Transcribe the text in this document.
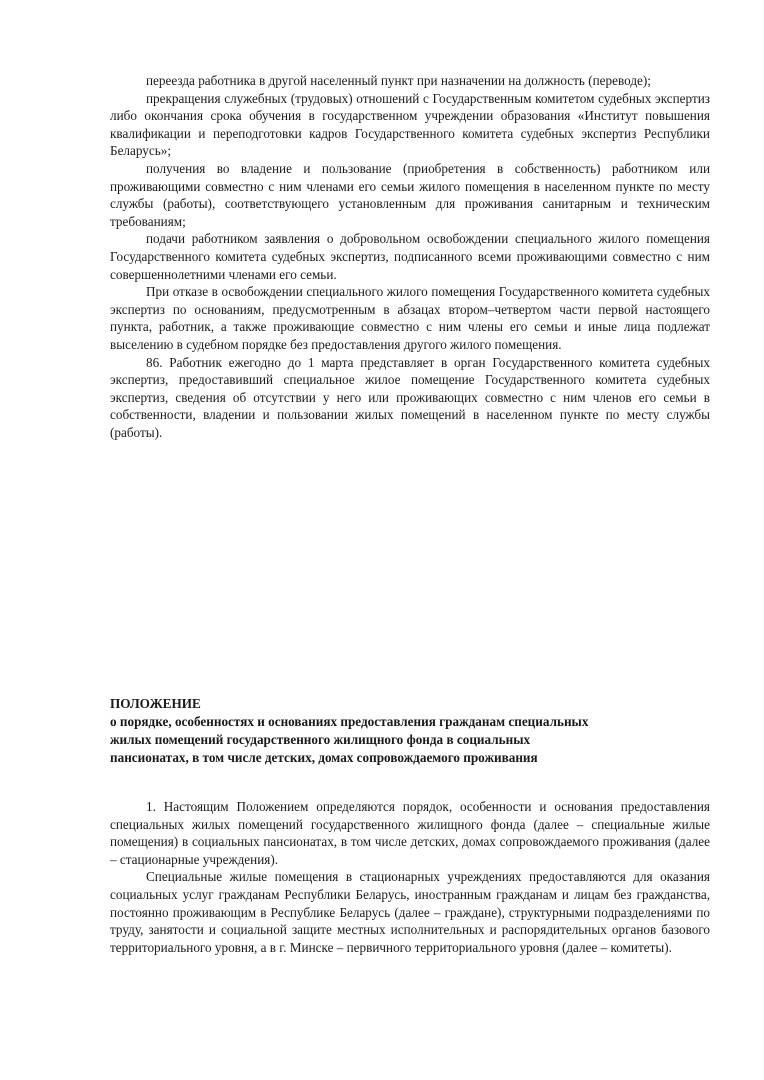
переезда работника в другой населенный пункт при назначении на должность (переводе);

прекращения служебных (трудовых) отношений с Государственным комитетом судебных экспертиз либо окончания срока обучения в государственном учреждении образования «Институт повышения квалификации и переподготовки кадров Государственного комитета судебных экспертиз Республики Беларусь»;

получения во владение и пользование (приобретения в собственность) работником или проживающими совместно с ним членами его семьи жилого помещения в населенном пункте по месту службы (работы), соответствующего установленным для проживания санитарным и техническим требованиям;

подачи работником заявления о добровольном освобождении специального жилого помещения Государственного комитета судебных экспертиз, подписанного всеми проживающими совместно с ним совершеннолетними членами его семьи.

При отказе в освобождении специального жилого помещения Государственного комитета судебных экспертиз по основаниям, предусмотренным в абзацах втором–четвертом части первой настоящего пункта, работник, а также проживающие совместно с ним члены его семьи и иные лица подлежат выселению в судебном порядке без предоставления другого жилого помещения.

86. Работник ежегодно до 1 марта представляет в орган Государственного комитета судебных экспертиз, предоставивший специальное жилое помещение Государственного комитета судебных экспертиз, сведения об отсутствии у него или проживающих совместно с ним членов его семьи в собственности, владении и пользовании жилых помещений в населенном пункте по месту службы (работы).

ПОЛОЖЕНИЕ

о порядке, особенностях и основаниях предоставления гражданам специальных жилых помещений государственного жилищного фонда в социальных пансионатах, в том числе детских, домах сопровождаемого проживания

1. Настоящим Положением определяются порядок, особенности и основания предоставления специальных жилых помещений государственного жилищного фонда (далее – специальные жилые помещения) в социальных пансионатах, в том числе детских, домах сопровождаемого проживания (далее – стационарные учреждения).

Специальные жилые помещения в стационарных учреждениях предоставляются для оказания социальных услуг гражданам Республики Беларусь, иностранным гражданам и лицам без гражданства, постоянно проживающим в Республике Беларусь (далее – граждане), структурными подразделениями по труду, занятости и социальной защите местных исполнительных и распорядительных органов базового территориального уровня, а в г. Минске – первичного территориального уровня (далее – комитеты).
